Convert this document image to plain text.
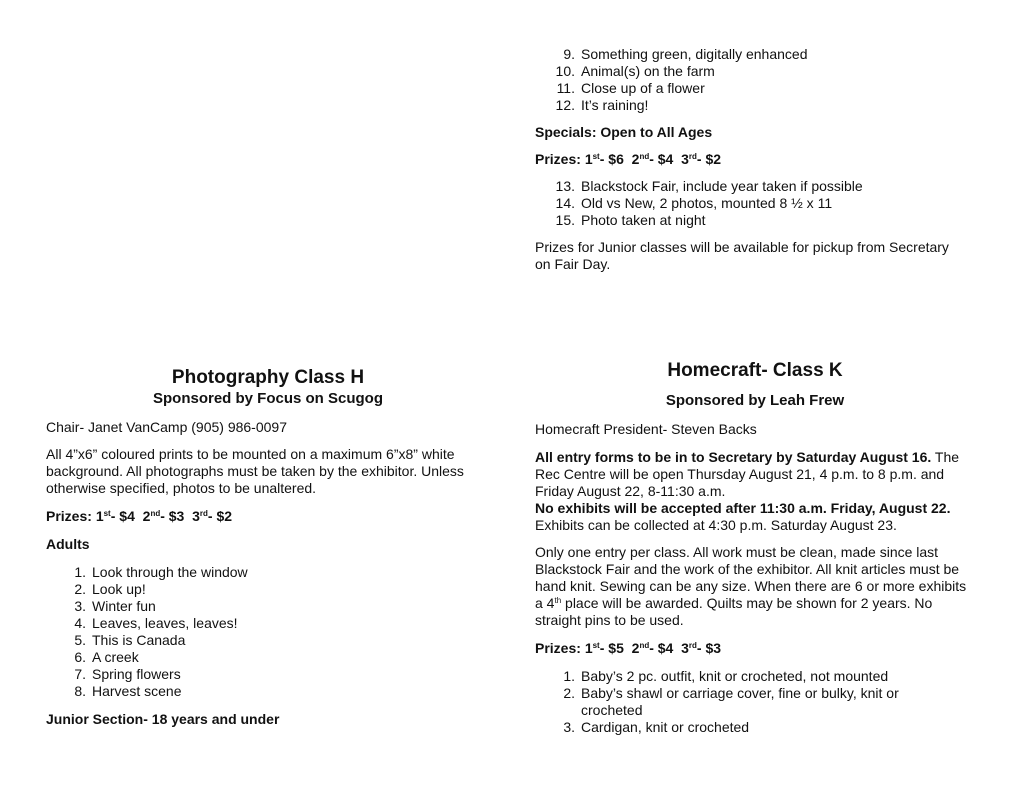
9. Something green, digitally enhanced
10. Animal(s) on the farm
11. Close up of a flower
12. It’s raining!

Specials: Open to All Ages

Prizes: 1st- $6 2nd- $4 3rd- $2

13. Blackstock Fair, include year taken if possible
14. Old vs New, 2 photos, mounted 8 ½ x 11
15. Photo taken at night

Prizes for Junior classes will be available for pickup from Secretary on Fair Day.

Photography Class H

Sponsored by Focus on Scugog

Chair- Janet VanCamp (905) 986-0097

All 4”x6” coloured prints to be mounted on a maximum 6”x8” white background. All photographs must be taken by the exhibitor. Unless otherwise specified, photos to be unaltered.

Prizes: 1st- $4 2nd- $3 3rd- $2

Adults

1. Look through the window
2. Look up!
3. Winter fun
4. Leaves, leaves, leaves!
5. This is Canada
6. A creek
7. Spring flowers
8. Harvest scene

Junior Section- 18 years and under

Homecraft- Class K

Sponsored by Leah Frew

Homecraft President- Steven Backs

All entry forms to be in to Secretary by Saturday August 16. The Rec Centre will be open Thursday August 21, 4 p.m. to 8 p.m. and Friday August 22, 8-11:30 a.m.
No exhibits will be accepted after 11:30 a.m. Friday, August 22.
Exhibits can be collected at 4:30 p.m. Saturday August 23.

Only one entry per class. All work must be clean, made since last Blackstock Fair and the work of the exhibitor. All knit articles must be hand knit. Sewing can be any size. When there are 6 or more exhibits a 4th place will be awarded. Quilts may be shown for 2 years. No straight pins to be used.

Prizes: 1st- $5 2nd- $4 3rd- $3

1. Baby’s 2 pc. outfit, knit or crocheted, not mounted
2. Baby’s shawl or carriage cover, fine or bulky, knit or crocheted
3. Cardigan, knit or crocheted
